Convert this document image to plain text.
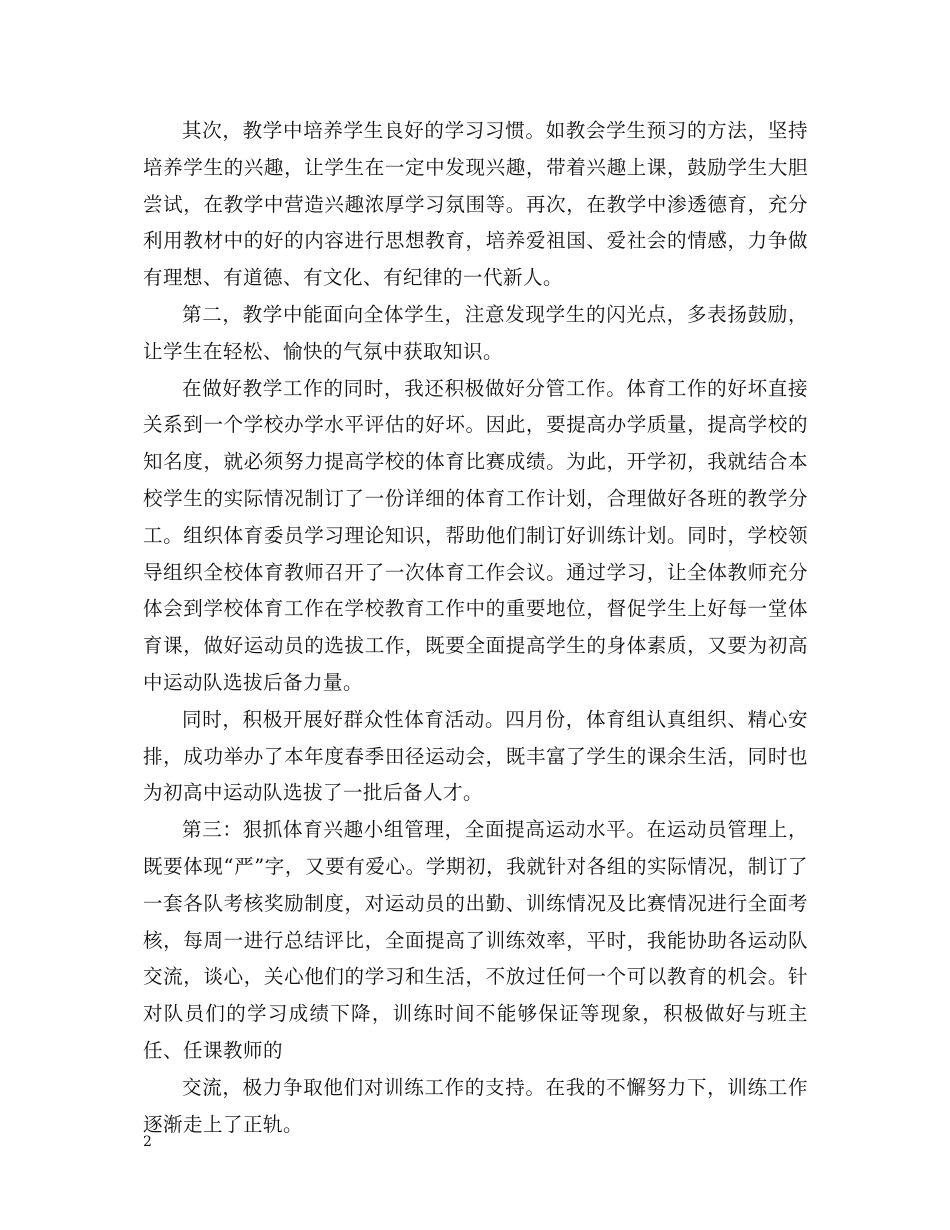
其次，教学中培养学生良好的学习习惯。如教会学生预习的方法，坚持培养学生的兴趣，让学生在一定中发现兴趣，带着兴趣上课，鼓励学生大胆尝试，在教学中营造兴趣浓厚学习氛围等。再次，在教学中渗透德育，充分利用教材中的好的内容进行思想教育，培养爱祖国、爱社会的情感，力争做有理想、有道德、有文化、有纪律的一代新人。

第二，教学中能面向全体学生，注意发现学生的闪光点，多表扬鼓励，让学生在轻松、愉快的气氛中获取知识。

在做好教学工作的同时，我还积极做好分管工作。体育工作的好坏直接关系到一个学校办学水平评估的好坏。因此，要提高办学质量，提高学校的知名度，就必须努力提高学校的体育比赛成绩。为此，开学初，我就结合本校学生的实际情况制订了一份详细的体育工作计划，合理做好各班的教学分工。组织体育委员学习理论知识，帮助他们制订好训练计划。同时，学校领导组织全校体育教师召开了一次体育工作会议。通过学习，让全体教师充分体会到学校体育工作在学校教育工作中的重要地位，督促学生上好每一堂体育课，做好运动员的选拔工作，既要全面提高学生的身体素质，又要为初高中运动队选拔后备力量。

同时，积极开展好群众性体育活动。四月份，体育组认真组织、精心安排，成功举办了本年度春季田径运动会，既丰富了学生的课余生活，同时也为初高中运动队选拔了一批后备人才。

第三：狠抓体育兴趣小组管理，全面提高运动水平。在运动员管理上，既要体现“严”字，又要有爱心。学期初，我就针对各组的实际情况，制订了一套各队考核奖励制度，对运动员的出勤、训练情况及比赛情况进行全面考核，每周一进行总结评比，全面提高了训练效率，平时，我能协助各运动队交流，谈心，关心他们的学习和生活，不放过任何一个可以教育的机会。针对队员们的学习成绩下降，训练时间不能够保证等现象，积极做好与班主任、任课教师的

交流，极力争取他们对训练工作的支持。在我的不懈努力下，训练工作逐渐走上了正轨。

2
